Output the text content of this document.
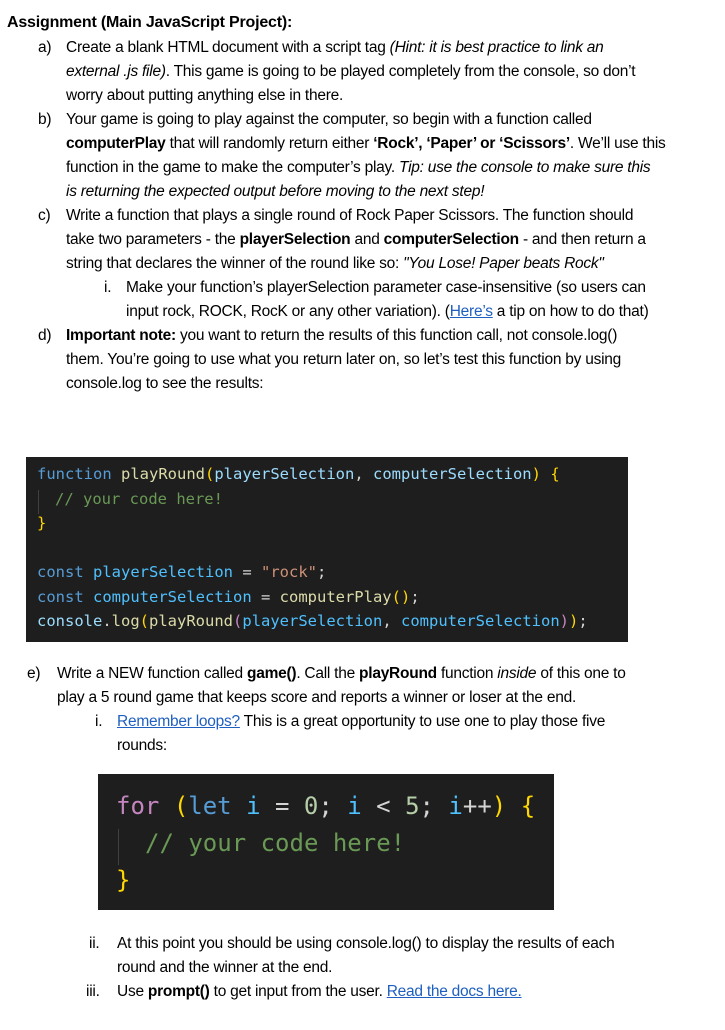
Assignment (Main JavaScript Project):
a) Create a blank HTML document with a script tag (Hint: it is best practice to link an
external .js file). This game is going to be played completely from the console, so don’t
worry about putting anything else in there.
b) Your game is going to play against the computer, so begin with a function called
computerPlay that will randomly return either ‘Rock’, ‘Paper’ or ‘Scissors’. We’ll use this
function in the game to make the computer’s play. Tip: use the console to make sure this
is returning the expected output before moving to the next step!
c) Write a function that plays a single round of Rock Paper Scissors. The function should
take two parameters - the playerSelection and computerSelection - and then return a
string that declares the winner of the round like so: "You Lose! Paper beats Rock"
i. Make your function’s playerSelection parameter case-insensitive (so users can
input rock, ROCK, RocK or any other variation). (Here’s a tip on how to do that)
d) Important note: you want to return the results of this function call, not console.log()
them. You’re going to use what you return later on, so let’s test this function by using
console.log to see the results:

function playRound(playerSelection, computerSelection) {

// your code here!

}

const playerSelection = "rock";

const computerSelection = computerPlay();

console.log(playRound(playerSelection, computerSelection));

e) Write a NEW function called game(). Call the playRound function inside of this one to
play a 5 round game that keeps score and reports a winner or loser at the end.
i. Remember loops? This is a great opportunity to use one to play those five
rounds:

for (let i = 0; i < 5; i++) {

// your code here!

}

ii. At this point you should be using console.log() to display the results of each
round and the winner at the end.
iii. Use prompt() to get input from the user. Read the docs here.
